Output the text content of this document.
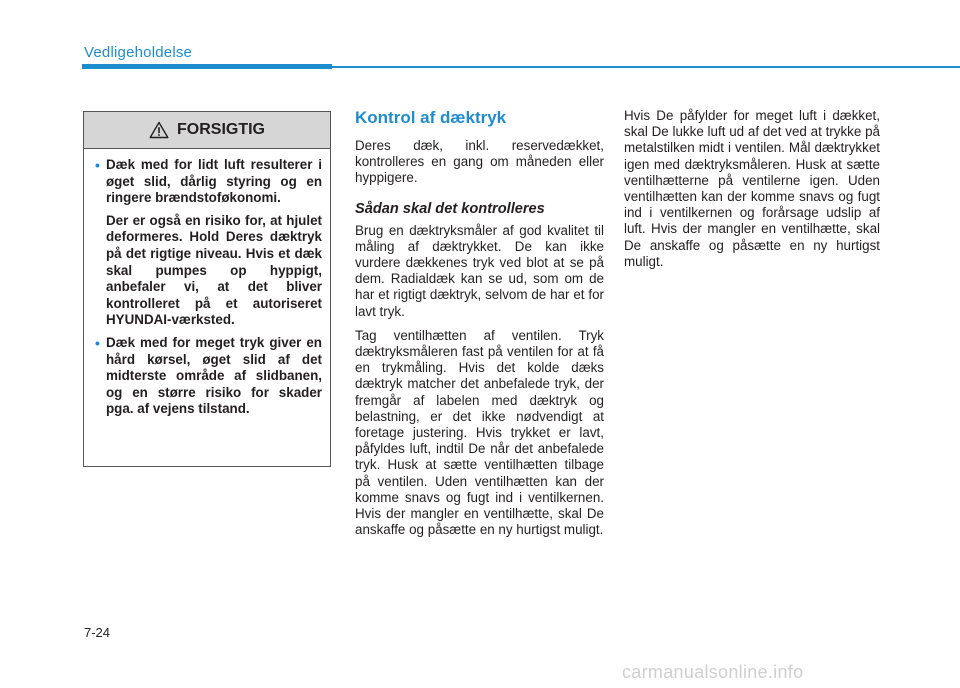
Vedligeholdelse
FORSIGTIG
• Dæk med for lidt luft resulterer i øget slid, dårlig styring og en ringere brændstoføkonomi.

Der er også en risiko for, at hjulet deformeres. Hold Deres dæktryk på det rigtige niveau. Hvis et dæk skal pumpes op hyppigt, anbefaler vi, at det bliver kontrolleret på et autoriseret HYUNDAI-værksted.

• Dæk med for meget tryk giver en hård kørsel, øget slid af det midterste område af slidbanen, og en større risiko for skader pga. af vejens tilstand.

Kontrol af dæktryk

Deres dæk, inkl. reservedækket, kontrolleres en gang om måneden eller hyppigere.

Sådan skal det kontrolleres

Brug en dæktryksmåler af god kvalitet til måling af dæktrykket. De kan ikke vurdere dækkenes tryk ved blot at se på dem. Radialdæk kan se ud, som om de har et rigtigt dæktryk, selvom de har et for lavt tryk.

Tag ventilhætten af ventilen. Tryk dæktryksmåleren fast på ventilen for at få en trykmåling. Hvis det kolde dæks dæktryk matcher det anbefalede tryk, der fremgår af labelen med dæktryk og belastning, er det ikke nødvendigt at foretage justering. Hvis trykket er lavt, påfyldes luft, indtil De når det anbefalede tryk. Husk at sætte ventilhætten tilbage på ventilen. Uden ventilhætten kan der komme snavs og fugt ind i ventilkernen. Hvis der mangler en ventilhætte, skal De anskaffe og påsætte en ny hurtigst muligt.

Hvis De påfylder for meget luft i dækket, skal De lukke luft ud af det ved at trykke på metalstilken midt i ventilen. Mål dæktrykket igen med dæktryksmåleren. Husk at sætte ventilhætterne på ventilerne igen. Uden ventilhætten kan der komme snavs og fugt ind i ventilkernen og forårsage udslip af luft. Hvis der mangler en ventilhætte, skal De anskaffe og påsætte en ny hurtigst muligt.

7-24
carmanualsonline.info
